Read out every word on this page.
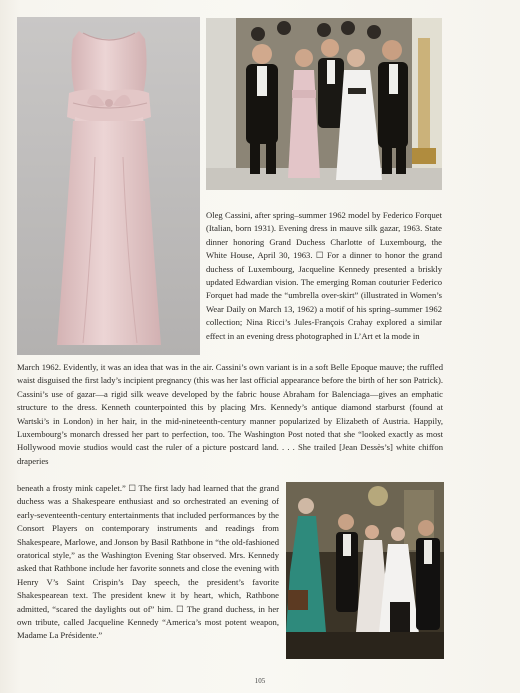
Oleg Cassini, after spring–summer 1962 model by Federico Forquet (Italian, born 1931). Evening dress in mauve silk gazar, 1963. State dinner honoring Grand Duchess Charlotte of Luxembourg, the White House, April 30, 1963. ☐ For a dinner to honor the grand duchess of Luxembourg, Jacqueline Kennedy presented a briskly updated Edwardian vision. The emerging Roman couturier Federico Forquet had made the “umbrella over-skirt” (illustrated in Women’s Wear Daily on March 13, 1962) a motif of his spring–summer 1962 collection; Nina Ricci’s Jules-François Crahay explored a similar effect in an evening dress photographed in L’Art et la mode in

March 1962. Evidently, it was an idea that was in the air. Cassini’s own variant is in a soft Belle Epoque mauve; the ruffled waist disguised the first lady’s incipient pregnancy (this was her last official appearance before the birth of her son Patrick). Cassini’s use of gazar—a rigid silk weave developed by the fabric house Abraham for Balenciaga—gives an emphatic structure to the dress. Kenneth counterpointed this by placing Mrs. Kennedy’s antique diamond starburst (found at Wartski’s in London) in her hair, in the mid-nineteenth-century manner popularized by Elizabeth of Austria. Happily, Luxembourg’s monarch dressed her part to perfection, too. The Washington Post noted that she “looked exactly as most Hollywood movie studios would cast the ruler of a picture postcard land. . . . She trailed [Jean Dessès’s] white chiffon draperies

beneath a frosty mink capelet.” ☐ The first lady had learned that the grand duchess was a Shakespeare enthusiast and so orchestrated an evening of early-seventeenth-century entertainments that included performances by the Consort Players on contemporary instruments and readings from Shakespeare, Marlowe, and Jonson by Basil Rathbone in “the old-fashioned oratorical style,” as the Washington Evening Star observed. Mrs. Kennedy asked that Rathbone include her favorite sonnets and close the evening with Henry V’s Saint Crispin’s Day speech, the president’s favorite Shakespearean text. The president knew it by heart, which, Rathbone admitted, “scared the daylights out of” him. ☐ The grand duchess, in her own tribute, called Jacqueline Kennedy “America’s most potent weapon, Madame La Présidente.”

105
